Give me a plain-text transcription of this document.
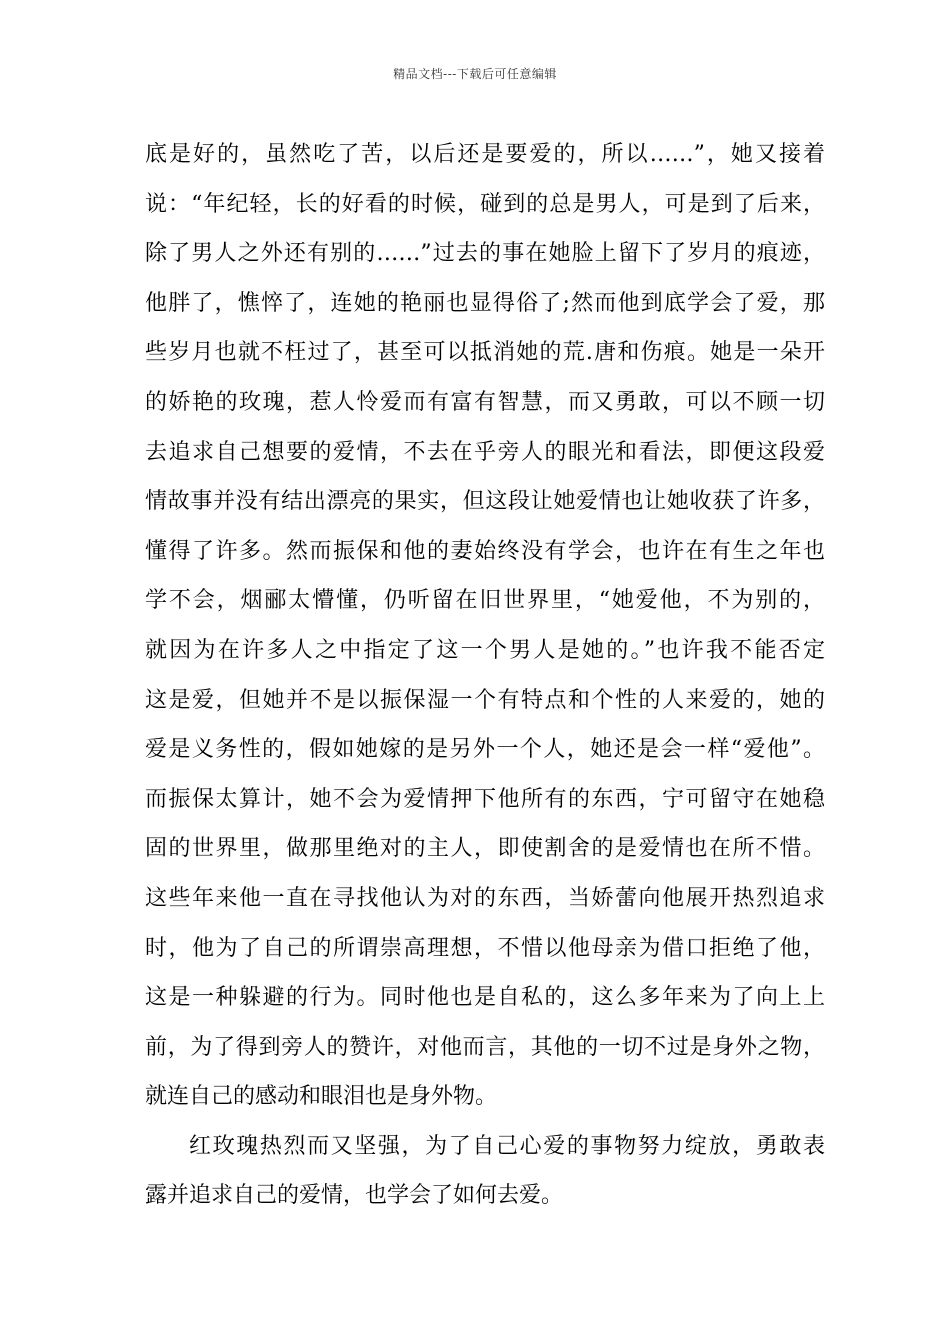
精品文档---下载后可任意编辑
底是好的，虽然吃了苦，以后还是要爱的，所以……”，她又接着
说：“年纪轻，长的好看的时候，碰到的总是男人，可是到了后来，
除了男人之外还有别的……”过去的事在她脸上留下了岁月的痕迹，
他胖了，憔悴了，连她的艳丽也显得俗了;然而他到底学会了爱，那
些岁月也就不枉过了，甚至可以抵消她的荒.唐和伤痕。她是一朵开
的娇艳的玫瑰，惹人怜爱而有富有智慧，而又勇敢，可以不顾一切
去追求自己想要的爱情，不去在乎旁人的眼光和看法，即便这段爱
情故事并没有结出漂亮的果实，但这段让她爱情也让她收获了许多，
懂得了许多。然而振保和他的妻始终没有学会，也许在有生之年也
学不会，烟郦太懵懂，仍听留在旧世界里，“她爱他，不为别的，
就因为在许多人之中指定了这一个男人是她的。”也许我不能否定
这是爱，但她并不是以振保湿一个有特点和个性的人来爱的，她的
爱是义务性的，假如她嫁的是另外一个人，她还是会一样“爱他”。
而振保太算计，她不会为爱情押下他所有的东西，宁可留守在她稳
固的世界里，做那里绝对的主人，即使割舍的是爱情也在所不惜。
这些年来他一直在寻找他认为对的东西，当娇蕾向他展开热烈追求
时，他为了自己的所谓崇高理想，不惜以他母亲为借口拒绝了他，
这是一种躲避的行为。同时他也是自私的，这么多年来为了向上上
前，为了得到旁人的赞许，对他而言，其他的一切不过是身外之物，
就连自己的感动和眼泪也是身外物。
红玫瑰热烈而又坚强，为了自己心爱的事物努力绽放，勇敢表
露并追求自己的爱情，也学会了如何去爱。
